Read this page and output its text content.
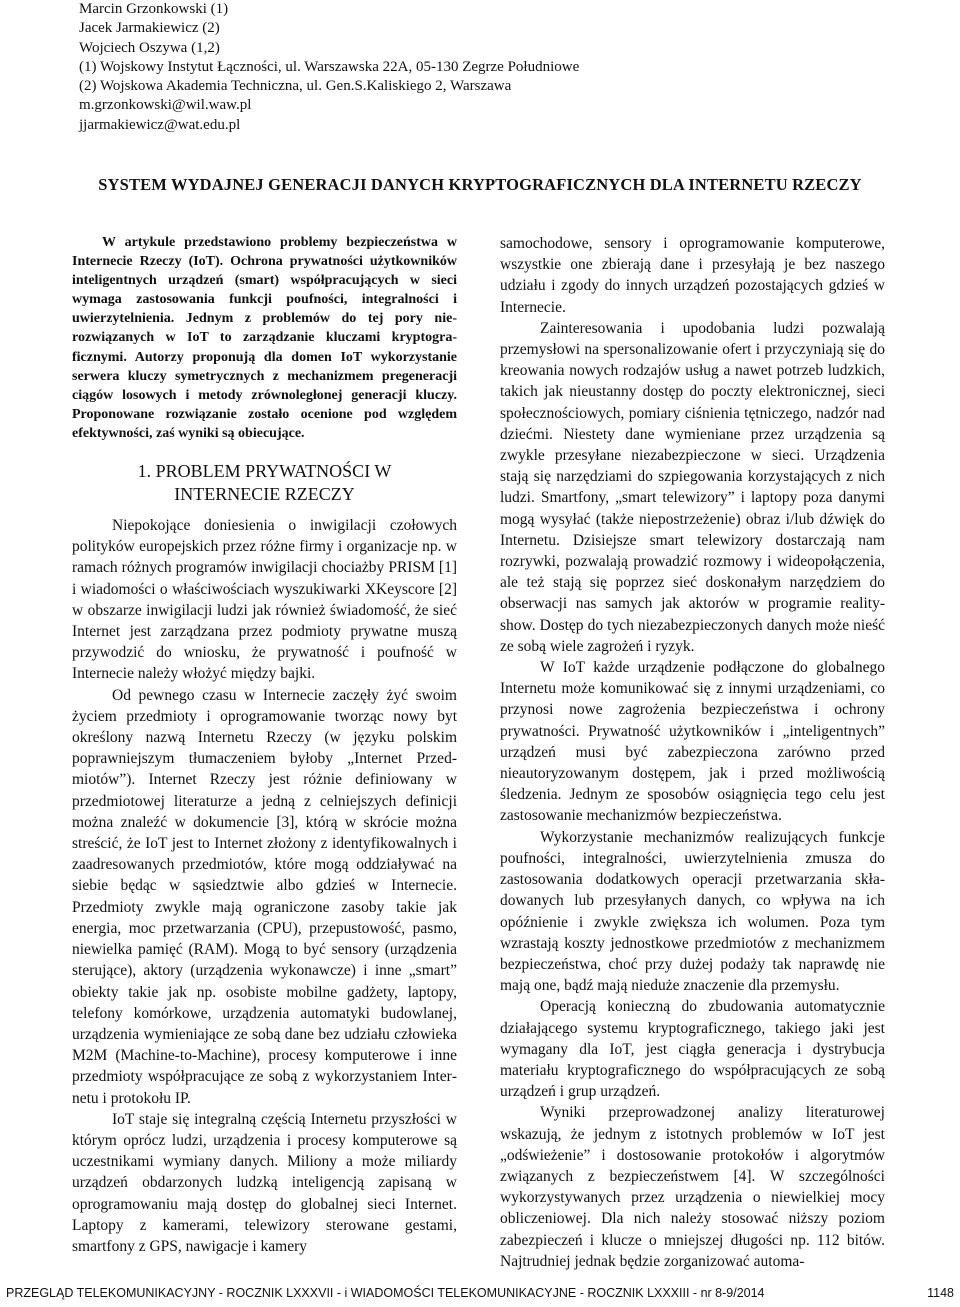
Marcin Grzonkowski (1)
Jacek Jarmakiewicz (2)
Wojciech Oszywa (1,2)
(1) Wojskowy Instytut Łączności, ul. Warszawska 22A, 05-130 Zegrze Południowe
(2) Wojskowa Akademia Techniczna, ul. Gen.S.Kaliskiego 2, Warszawa
m.grzonkowski@wil.waw.pl
jjarmakiewicz@wat.edu.pl
SYSTEM WYDAJNEJ GENERACJI DANYCH KRYPTOGRAFICZNYCH DLA INTERNETU RZECZY

W artykule przedstawiono problemy bezpieczeństwa w Internecie Rzeczy (IoT). Ochrona prywatności użytkowników inteligentnych urządzeń (smart) współpracujących w sieci wymaga zastosowania funkcji poufności, integralności i uwierzytelnienia. Jednym z problemów do tej pory nierozwiązanych w IoT to zarządzanie kluczami kryptograficznymi. Autorzy proponują dla domen IoT wykorzystanie serwera kluczy symetrycznych z mechanizmem pregeneracji ciągów losowych i metody zrównoległonej generacji kluczy. Proponowane rozwiązanie zostało ocenione pod względem efektywności, zaś wyniki są obiecujące.

1. PROBLEM PRYWATNOŚCI W
INTERNECIE RZECZY

Niepokojące doniesienia o inwigilacji czołowych polityków europejskich przez różne firmy i organizacje np. w ramach różnych programów inwigilacji chociażby PRISM [1] i wiadomości o właściwościach wyszukiwarki XKeyscore [2] w obszarze inwigilacji ludzi jak również świadomość, że sieć Internet jest zarządzana przez podmioty prywatne muszą przywodzić do wniosku, że prywatność i poufność w Internecie należy włożyć między bajki.

Od pewnego czasu w Internecie zaczęły żyć swoim życiem przedmioty i oprogramowanie tworząc nowy byt określony nazwą Internetu Rzeczy (w języku polskim poprawniejszym tłumaczeniem byłoby „Internet Przedmiotów”). Internet Rzeczy jest różnie definiowany w przedmiotowej literaturze a jedną z celniejszych definicji można znaleźć w dokumencie [3], którą w skrócie można streścić, że IoT jest to Internet złożony z identyfikowalnych i zaadresowanych przedmiotów, które mogą oddziaływać na siebie będąc w sąsiedztwie albo gdzieś w Internecie. Przedmioty zwykle mają ograniczone zasoby takie jak energia, moc przetwarzania (CPU), przepustowość, pasmo, niewielka pamięć (RAM). Mogą to być sensory (urządzenia sterujące), aktory (urządzenia wykonawcze) i inne „smart” obiekty takie jak np. osobiste mobilne gadżety, laptopy, telefony komórkowe, urządzenia automatyki budowlanej, urządzenia wymieniające ze sobą dane bez udziału człowieka M2M (Machine-to-Machine), procesy komputerowe i inne przedmioty współpracujące ze sobą z wykorzystaniem Internetu i protokołu IP.

IoT staje się integralną częścią Internetu przyszłości w którym oprócz ludzi, urządzenia i procesy komputerowe są uczestnikami wymiany danych. Miliony a może miliardy urządzeń obdarzonych ludzką inteligencją zapisaną w oprogramowaniu mają dostęp do globalnej sieci Internet. Laptopy z kamerami, telewizory sterowane gestami, smartfony z GPS, nawigacje i kamery

samochodowe, sensory i oprogramowanie komputerowe, wszystkie one zbierają dane i przesyłają je bez naszego udziału i zgody do innych urządzeń pozostających gdzieś w Internecie.

Zainteresowania i upodobania ludzi pozwalają przemysłowi na spersonalizowanie ofert i przyczyniają się do kreowania nowych rodzajów usług a nawet potrzeb ludzkich, takich jak nieustanny dostęp do poczty elektronicznej, sieci społecznościowych, pomiary ciśnienia tętniczego, nadzór nad dziećmi. Niestety dane wymieniane przez urządzenia są zwykle przesyłane niezabezpieczone w sieci. Urządzenia stają się narzędziami do szpiegowania korzystających z nich ludzi. Smartfony, „smart telewizory” i laptopy poza danymi mogą wysyłać (także niepostrzeżenie) obraz i/lub dźwięk do Internetu. Dzisiejsze smart telewizory dostarczają nam rozrywki, pozwalają prowadzić rozmowy i wideopołączenia, ale też stają się poprzez sieć doskonałym narzędziem do obserwacji nas samych jak aktorów w programie reality-show. Dostęp do tych niezabezpieczonych danych może nieść ze sobą wiele zagrożeń i ryzyk.

W IoT każde urządzenie podłączone do globalnego Internetu może komunikować się z innymi urządzeniami, co przynosi nowe zagrożenia bezpieczeństwa i ochrony prywatności. Prywatność użytkowników i „inteligentnych” urządzeń musi być zabezpieczona zarówno przed nieautoryzowanym dostępem, jak i przed możliwością śledzenia. Jednym ze sposobów osiągnięcia tego celu jest zastosowanie mechanizmów bezpieczeństwa.

Wykorzystanie mechanizmów realizujących funkcje poufności, integralności, uwierzytelnienia zmusza do zastosowania dodatkowych operacji przetwarzania składowanych lub przesyłanych danych, co wpływa na ich opóźnienie i zwykle zwiększa ich wolumen. Poza tym wzrastają koszty jednostkowe przedmiotów z mechanizmem bezpieczeństwa, choć przy dużej podaży tak naprawdę nie mają one, bądź mają nieduże znaczenie dla przemysłu.

Operacją konieczną do zbudowania automatycznie działającego systemu kryptograficznego, takiego jaki jest wymagany dla IoT, jest ciągła generacja i dystrybucja materiału kryptograficznego do współpracujących ze sobą urządzeń i grup urządzeń.

Wyniki przeprowadzonej analizy literaturowej wskazują, że jednym z istotnych problemów w IoT jest „odświeżenie” i dostosowanie protokołów i algorytmów związanych z bezpieczeństwem [4]. W szczególności wykorzystywanych przez urządzenia o niewielkiej mocy obliczeniowej. Dla nich należy stosować niższy poziom zabezpieczeń i klucze o mniejszej długości np. 112 bitów. Najtrudniej jednak będzie zorganizować automa-

PRZEGLĄD TELEKOMUNIKACYJNY - ROCZNIK LXXXVII - i WIADOMOŚCI TELEKOMUNIKACYJNE - ROCZNIK LXXXIII - nr 8-9/2014	1148
